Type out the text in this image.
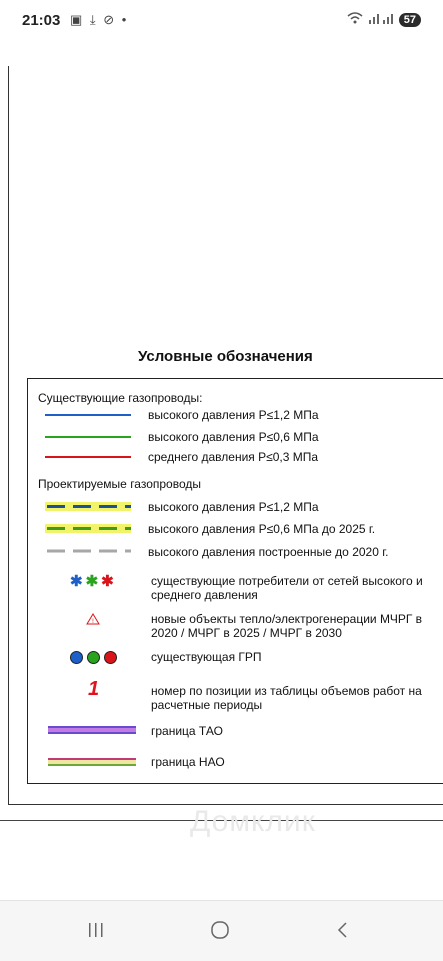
21:03 ▣ ⤓ ⊘ •	57
Домклик
Условные обозначения
Существующие газопроводы:
высокого давления Р≤1,2 МПа
высокого давления Р≤0,6 МПа
среднего давления Р≤0,3 МПа
Проектируемые газопроводы
высокого давления Р≤1,2 МПа
высокого давления Р≤0,6 МПа до 2025 г.
высокого давления построенные до 2020 г.
✱✱✱	существующие потребители от сетей высокого и среднего давления
!	новые объекты тепло/электрогенерации МЧРГ в 2020 / МЧРГ в 2025 / МЧРГ в 2030
существующая ГРП
1	номер по позиции из таблицы объемов работ на расчетные периоды
граница ТАО
граница НАО
